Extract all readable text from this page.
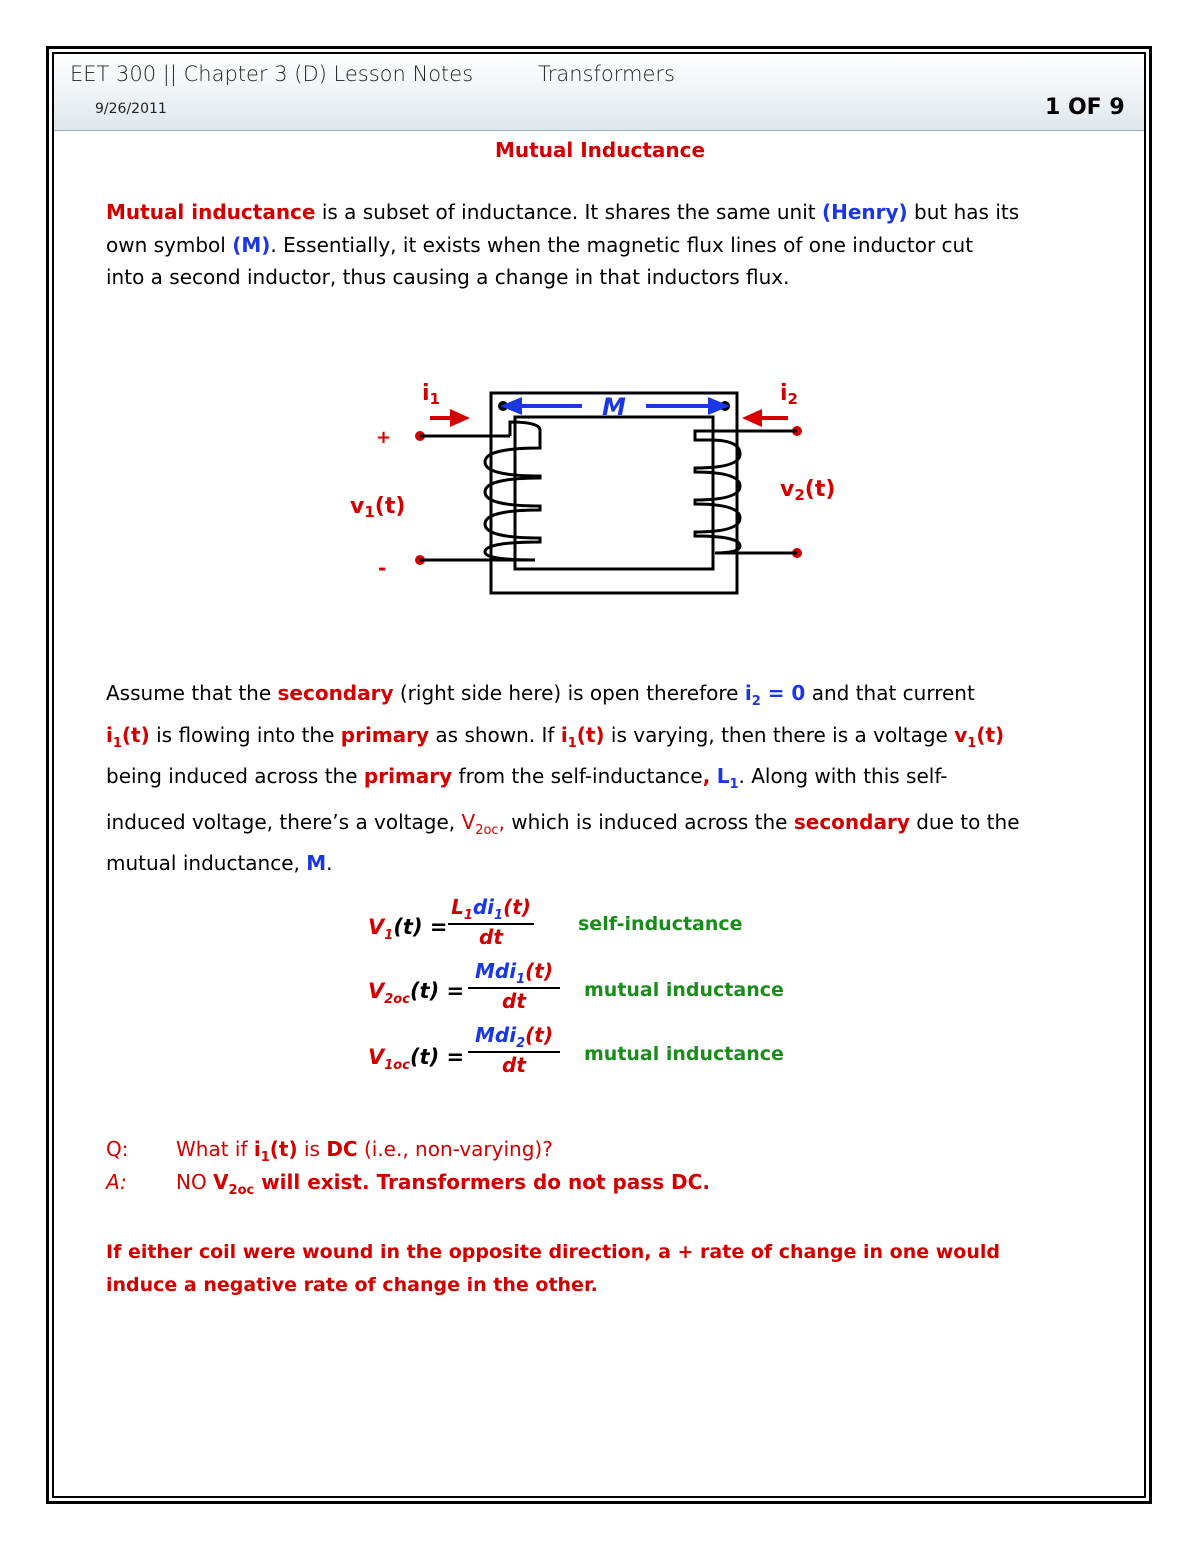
EET 300 || Chapter 3 (D) Lesson Notes	Transformers
9/26/2011	1 OF 9
Mutual Inductance
Mutual inductance is a subset of inductance. It shares the same unit (Henry) but has its
own symbol (M). Essentially, it exists when the magnetic flux lines of one inductor cut
into a second inductor, thus causing a change in that inductors flux.
M
i1	i2
+
-
v1(t)
v2(t)
Assume that the secondary (right side here) is open therefore $i_2 = 0$ and that current
$i_1(t)$ is flowing into the primary as shown. If $i_1(t)$ is varying, then there is a voltage $v_1(t)$
being induced across the primary from the self-inductance, $L_1$. Along with this self-
induced voltage, there’s a voltage, $V_{2oc}$, which is induced across the secondary due to the
mutual inductance, M.
$V_1(t)$ =
$L_1di_1(t)$
dt
self-inductance
$V_{2oc}(t)$ =
Mdi$_1$(t)
dt	mutual inductance
$V_{1oc}(t)$ =
Mdi$_2$(t)
dt	mutual inductance
Q: What if $i_1(t)$ is DC (i.e., non-varying)?
A: NO $V_{2oc}$ will exist. Transformers do not pass DC.
If either coil were wound in the opposite direction, a + rate of change in one would
induce a negative rate of change in the other.
